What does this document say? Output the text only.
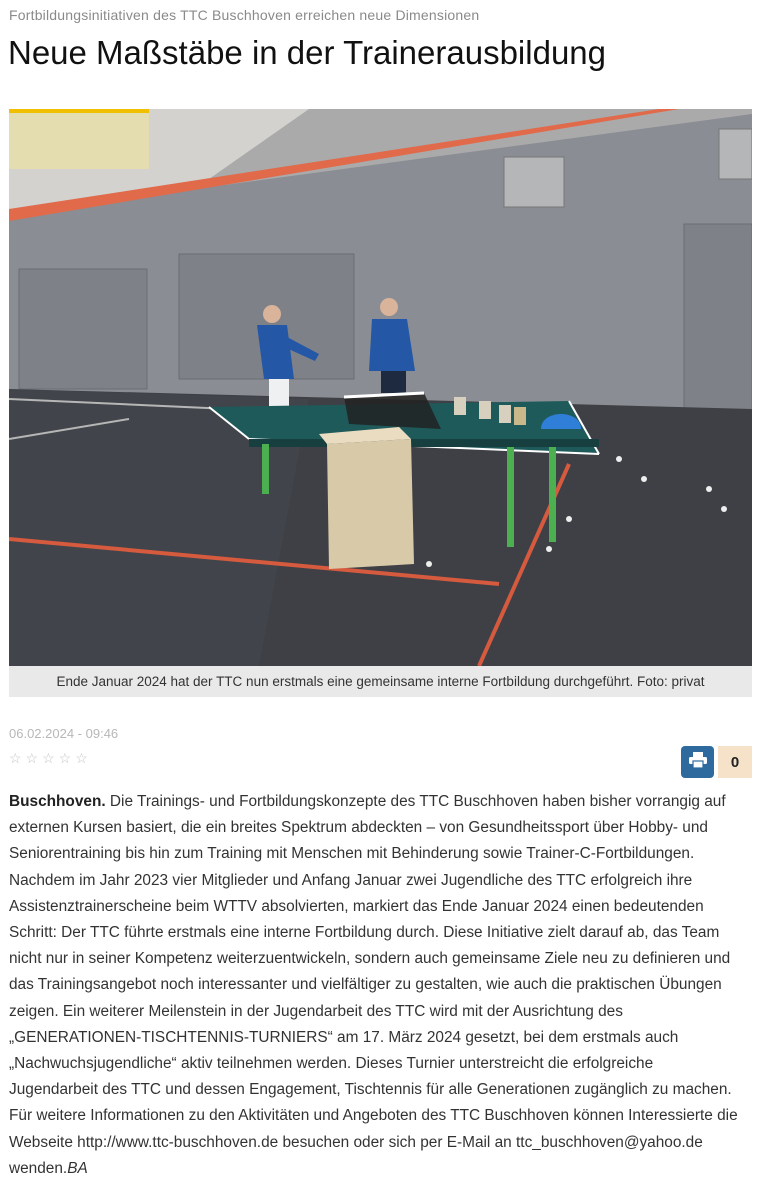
Fortbildungsinitiativen des TTC Buschhoven erreichen neue Dimensionen
Neue Maßstäbe in der Trainerausbildung
Ende Januar 2024 hat der TTC nun erstmals eine gemeinsame interne Fortbildung durchgeführt. Foto: privat
06.02.2024 - 09:46
☆☆☆☆☆	0

Buschhoven. Die Trainings- und Fortbildungskonzepte des TTC Buschhoven haben bisher vorrangig auf externen Kursen basiert, die ein breites Spektrum abdeckten – von Gesundheitssport über Hobby- und Seniorentraining bis hin zum Training mit Menschen mit Behinderung sowie Trainer-C-Fortbildungen. Nachdem im Jahr 2023 vier Mitglieder und Anfang Januar zwei Jugendliche des TTC erfolgreich ihre Assistenztrainerscheine beim WTTV absolvierten, markiert das Ende Januar 2024 einen bedeutenden Schritt: Der TTC führte erstmals eine interne Fortbildung durch. Diese Initiative zielt darauf ab, das Team nicht nur in seiner Kompetenz weiterzuentwickeln, sondern auch gemeinsame Ziele neu zu definieren und das Trainingsangebot noch interessanter und vielfältiger zu gestalten, wie auch die praktischen Übungen zeigen. Ein weiterer Meilenstein in der Jugendarbeit des TTC wird mit der Ausrichtung des „GENERATIONEN-TISCHTENNIS-TURNIERS“ am 17. März 2024 gesetzt, bei dem erstmals auch „Nachwuchsjugendliche“ aktiv teilnehmen werden. Dieses Turnier unterstreicht die erfolgreiche Jugendarbeit des TTC und dessen Engagement, Tischtennis für alle Generationen zugänglich zu machen. Für weitere Informationen zu den Aktivitäten und Angeboten des TTC Buschhoven können Interessierte die Webseite http://www.ttc-buschhoven.de besuchen oder sich per E-Mail an ttc_buschhoven@yahoo.de wenden.BA
